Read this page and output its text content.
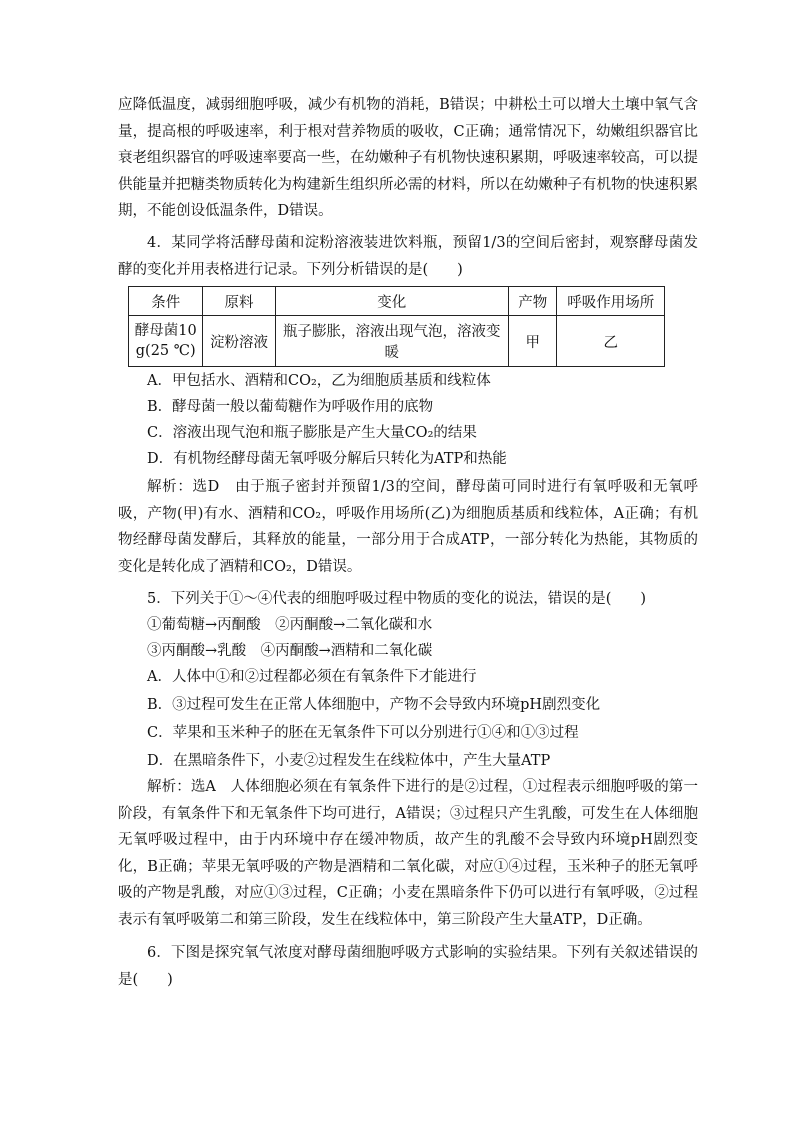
应降低温度，减弱细胞呼吸，减少有机物的消耗，B错误；中耕松土可以增大土壤中氧气含量，提高根的呼吸速率，利于根对营养物质的吸收，C正确；通常情况下，幼嫩组织器官比衰老组织器官的呼吸速率要高一些，在幼嫩种子有机物快速积累期，呼吸速率较高，可以提供能量并把糖类物质转化为构建新生组织所必需的材料，所以在幼嫩种子有机物的快速积累期，不能创设低温条件，D错误。
4．某同学将活酵母菌和淀粉溶液装进饮料瓶，预留1/3的空间后密封，观察酵母菌发酵的变化并用表格进行记录。下列分析错误的是(　　)
条件	原料	变化	产物	呼吸作用场所
酵母菌10 g(25 ℃)	淀粉溶液	瓶子膨胀，溶液出现气泡，溶液变暖	甲	乙
A．甲包括水、酒精和CO₂，乙为细胞质基质和线粒体
B．酵母菌一般以葡萄糖作为呼吸作用的底物
C．溶液出现气泡和瓶子膨胀是产生大量CO₂的结果
D．有机物经酵母菌无氧呼吸分解后只转化为ATP和热能
解析：选D　由于瓶子密封并预留1/3的空间，酵母菌可同时进行有氧呼吸和无氧呼吸，产物(甲)有水、酒精和CO₂，呼吸作用场所(乙)为细胞质基质和线粒体，A正确；有机物经酵母菌发酵后，其释放的能量，一部分用于合成ATP，一部分转化为热能，其物质的变化是转化成了酒精和CO₂，D错误。
5．下列关于①～④代表的细胞呼吸过程中物质的变化的说法，错误的是(　　)
①葡萄糖→丙酮酸　②丙酮酸→二氧化碳和水
③丙酮酸→乳酸　④丙酮酸→酒精和二氧化碳
A．人体中①和②过程都必须在有氧条件下才能进行
B．③过程可发生在正常人体细胞中，产物不会导致内环境pH剧烈变化
C．苹果和玉米种子的胚在无氧条件下可以分别进行①④和①③过程
D．在黑暗条件下，小麦②过程发生在线粒体中，产生大量ATP
解析：选A　人体细胞必须在有氧条件下进行的是②过程，①过程表示细胞呼吸的第一阶段，有氧条件下和无氧条件下均可进行，A错误；③过程只产生乳酸，可发生在人体细胞无氧呼吸过程中，由于内环境中存在缓冲物质，故产生的乳酸不会导致内环境pH剧烈变化，B正确；苹果无氧呼吸的产物是酒精和二氧化碳，对应①④过程，玉米种子的胚无氧呼吸的产物是乳酸，对应①③过程，C正确；小麦在黑暗条件下仍可以进行有氧呼吸，②过程表示有氧呼吸第二和第三阶段，发生在线粒体中，第三阶段产生大量ATP，D正确。
6．下图是探究氧气浓度对酵母菌细胞呼吸方式影响的实验结果。下列有关叙述错误的是(　　)
